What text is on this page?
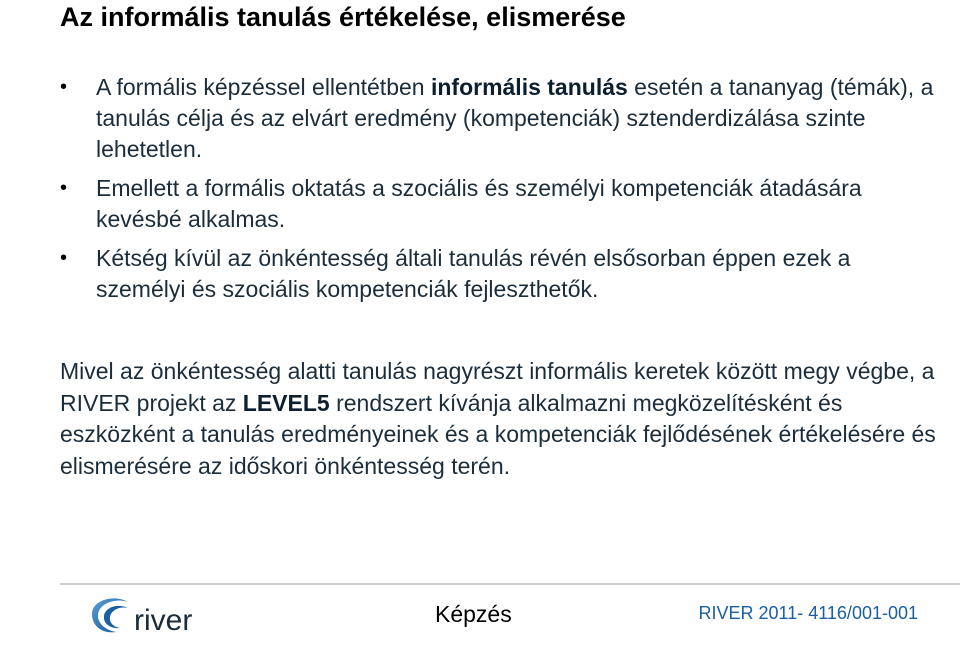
Az informális tanulás értékelése, elismerése
• A formális képzéssel ellentétben informális tanulás esetén a tananyag (témák), a tanulás célja és az elvárt eredmény (kompetenciák) sztenderdizálása szinte lehetetlen.
• Emellett a formális oktatás a szociális és személyi kompetenciák átadására kevésbé alkalmas.
• Kétség kívül az önkéntesség általi tanulás révén elsősorban éppen ezek a személyi és szociális kompetenciák fejleszthetők.

Mivel az önkéntesség alatti tanulás nagyrészt informális keretek között megy végbe, a RIVER projekt az LEVEL5 rendszert kívánja alkalmazni megközelítésként és eszközként a tanulás eredményeinek és a kompetenciák fejlődésének értékelésére és elismerésére az időskori önkéntesség terén.

river	Képzés	RIVER 2011- 4116/001-001
